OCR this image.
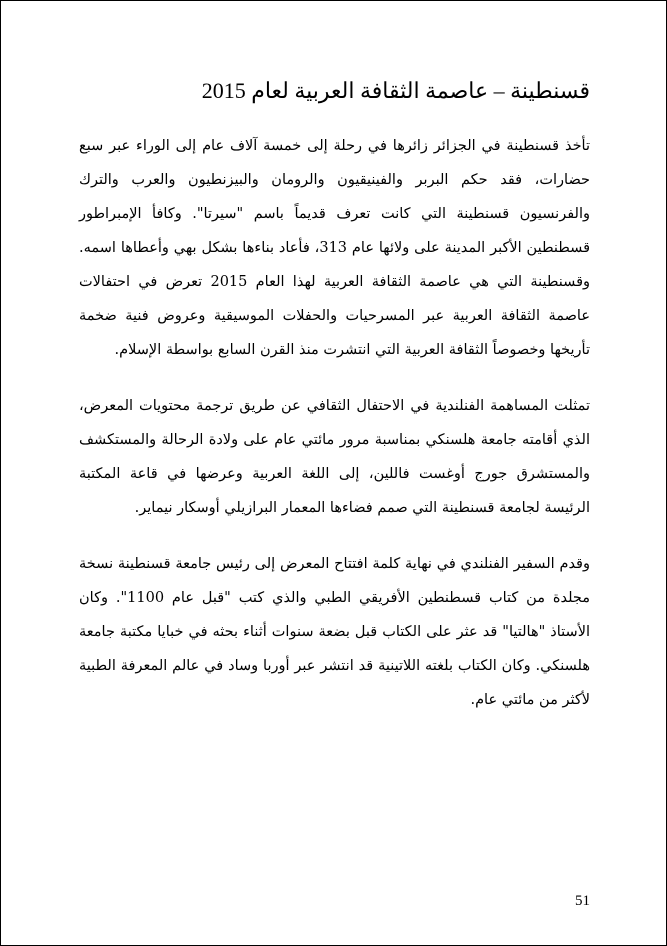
قسنطينة – عاصمة الثقافة العربية لعام 2015

تأخذ قسنطينة في الجزائر زائرها في رحلة إلى خمسة آلاف عام إلى الوراء عبر سبع حضارات، فقد حكم البربر والفينيقيون والرومان والبيزنطيون والعرب والترك والفرنسيون قسنطينة التي كانت تعرف قديماً باسم "سيرتا". وكافأ الإمبراطور قسطنطين الأكبر المدينة على ولائها عام 313، فأعاد بناءها بشكل بهي وأعطاها اسمه. وقسنطينة التي هي عاصمة الثقافة العربية لهذا العام 2015 تعرض في احتفالات عاصمة الثقافة العربية عبر المسرحيات والحفلات الموسيقية وعروض فنية ضخمة تأريخها وخصوصاً الثقافة العربية التي انتشرت منذ القرن السابع بواسطة الإسلام.

تمثلت المساهمة الفنلندية في الاحتفال الثقافي عن طريق ترجمة محتويات المعرض، الذي أقامته جامعة هلسنكي بمناسبة مرور مائتي عام على ولادة الرحالة والمستكشف والمستشرق جورج أوغست فاللين، إلى اللغة العربية وعرضها في قاعة المكتبة الرئيسة لجامعة قسنطينة التي صمم فضاءها المعمار البرازيلي أوسكار نيماير.

وقدم السفير الفنلندي في نهاية كلمة افتتاح المعرض إلى رئيس جامعة قسنطينة نسخة مجلدة من كتاب قسطنطين الأفريقي الطبي والذي كتب "قبل عام 1100". وكان الأستاذ "هالتيا" قد عثر على الكتاب قبل بضعة سنوات أثناء بحثه في خبايا مكتبة جامعة هلسنكي. وكان الكتاب بلغته اللاتينية قد انتشر عبر أوربا وساد في عالم المعرفة الطبية لأكثر من مائتي عام.

51
